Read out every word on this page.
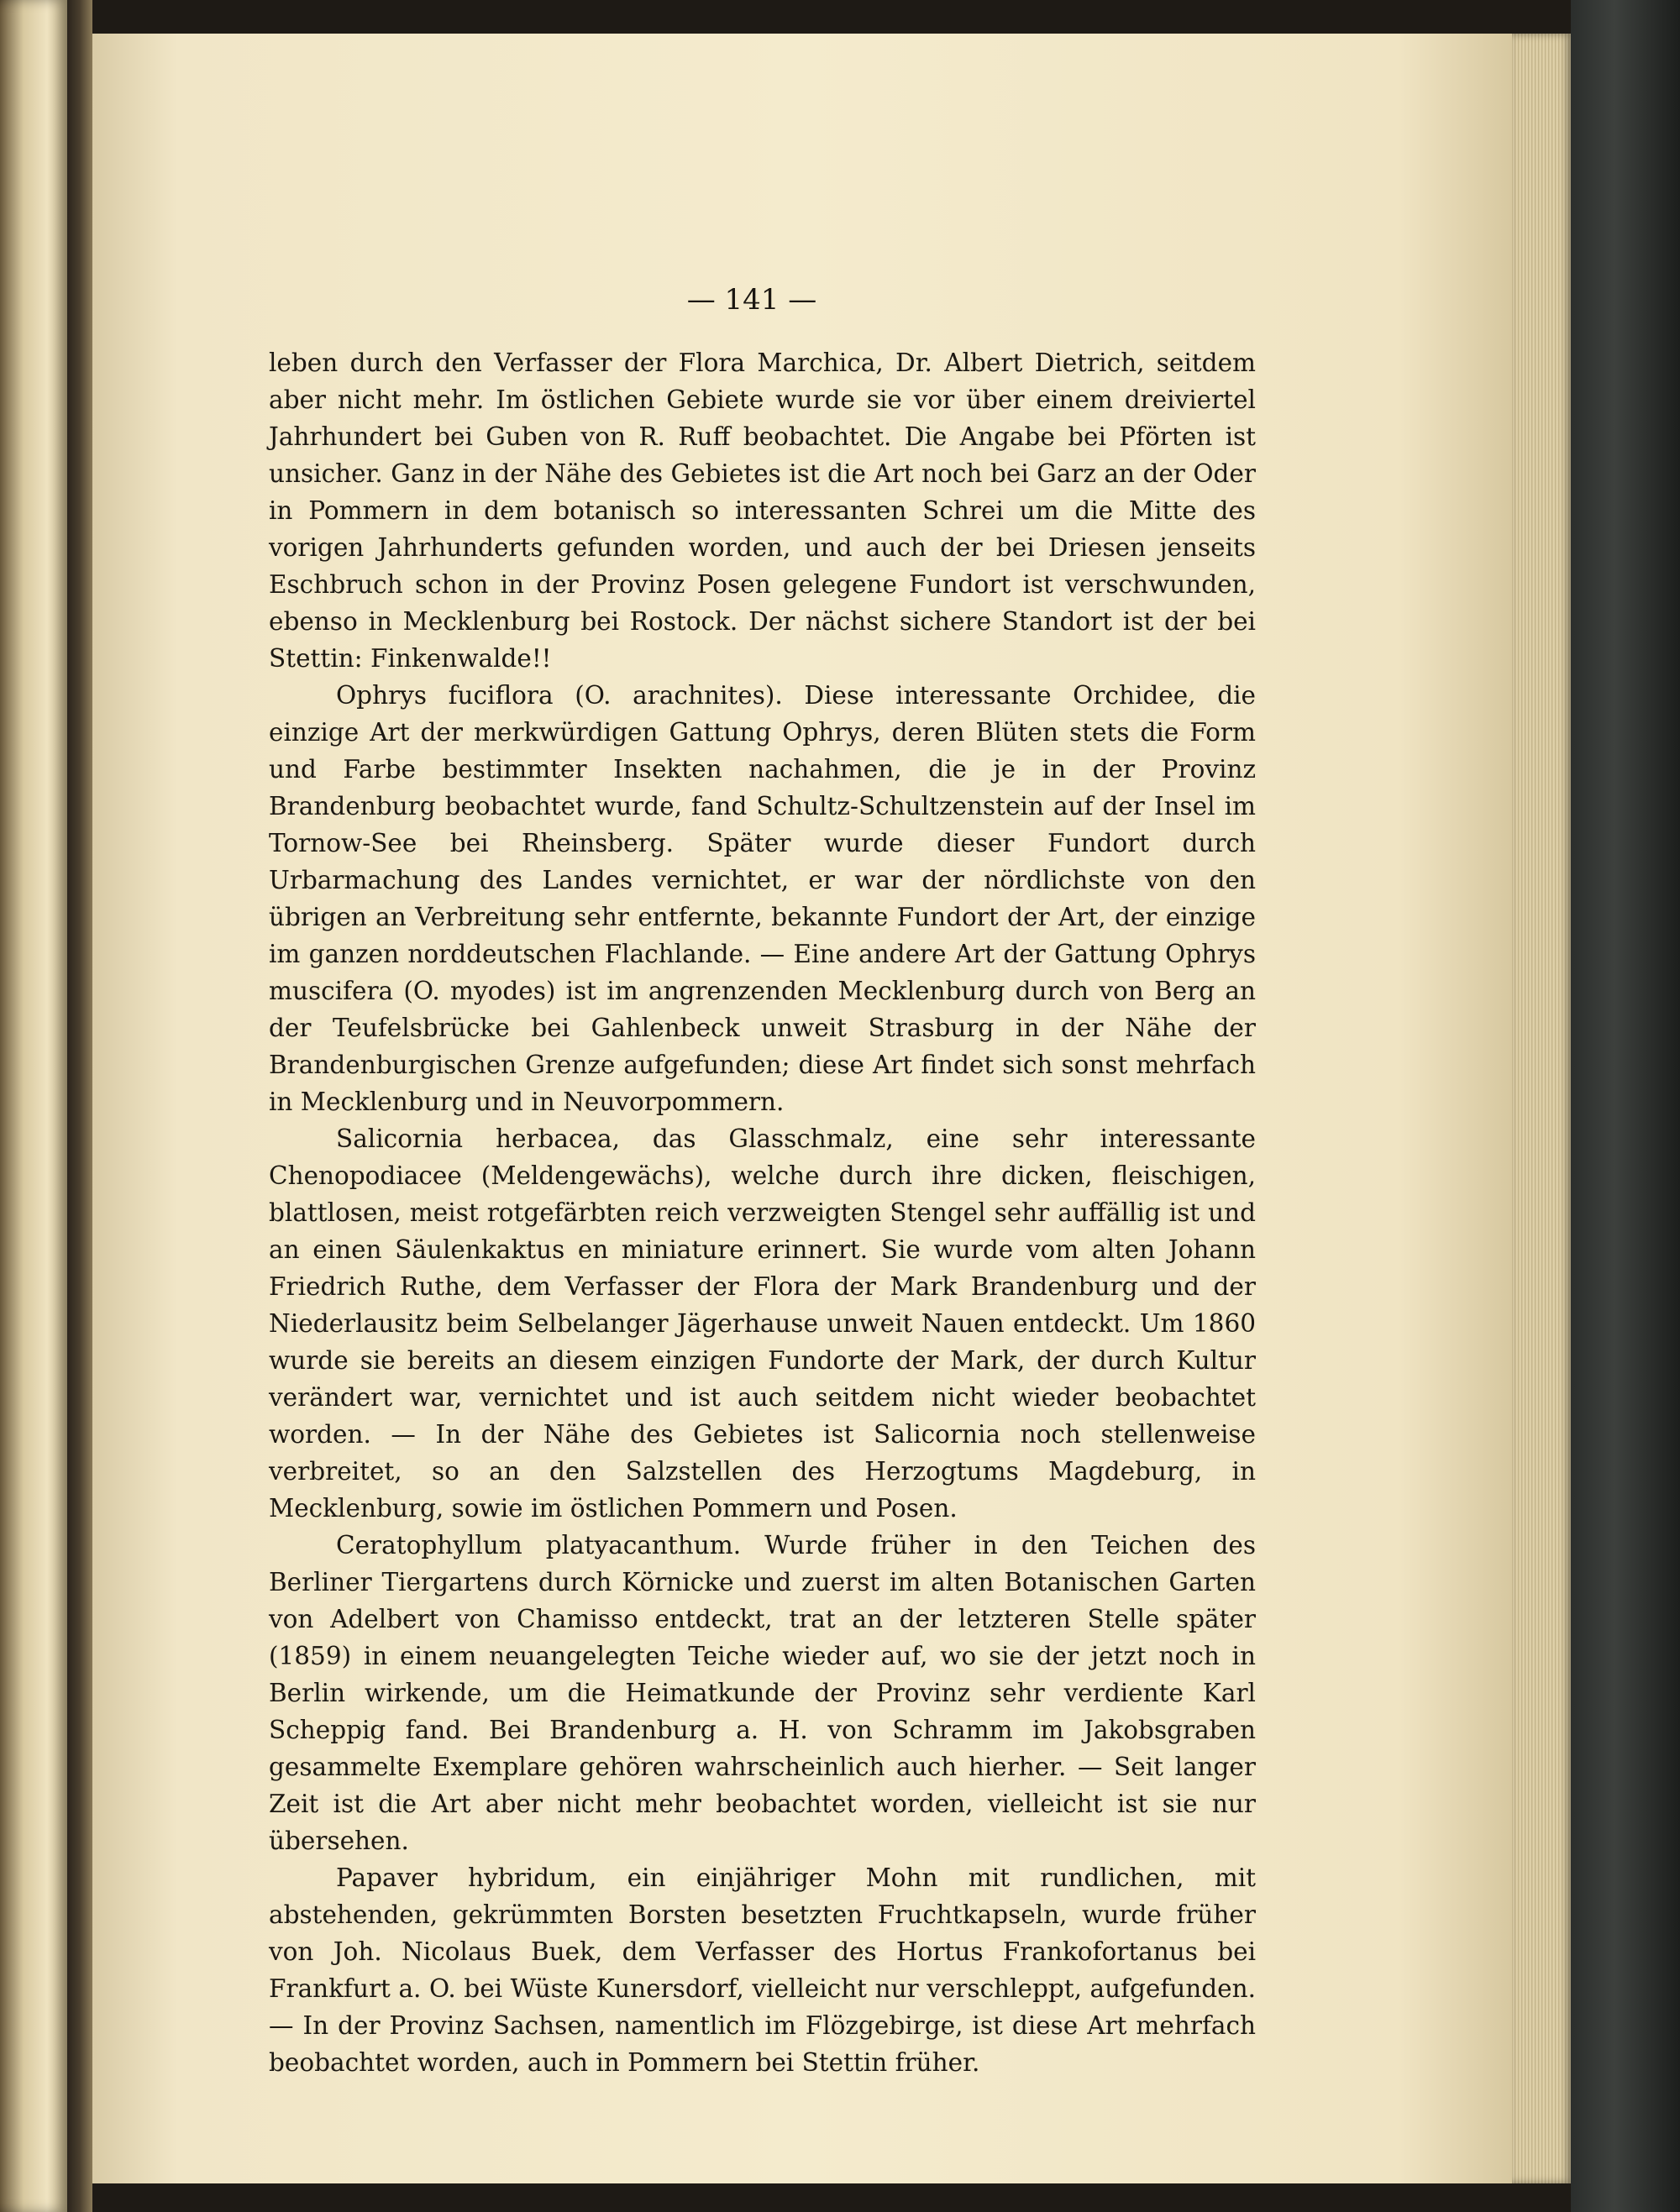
— 141 —

leben durch den Verfasser der Flora Marchica, Dr. Albert Dietrich, seitdem aber nicht mehr. Im östlichen Gebiete wurde sie vor über einem dreiviertel Jahrhundert bei Guben von R. Ruff beobachtet. Die Angabe bei Pförten ist unsicher. Ganz in der Nähe des Gebietes ist die Art noch bei Garz an der Oder in Pommern in dem botanisch so interessanten Schrei um die Mitte des vorigen Jahrhunderts gefunden worden, und auch der bei Driesen jenseits Eschbruch schon in der Provinz Posen gelegene Fundort ist verschwunden, ebenso in Mecklenburg bei Rostock. Der nächst sichere Standort ist der bei Stettin: Finkenwalde!!

Ophrys fuciflora (O. arachnites). Diese interessante Orchidee, die einzige Art der merkwürdigen Gattung Ophrys, deren Blüten stets die Form und Farbe bestimmter Insekten nachahmen, die je in der Provinz Brandenburg beobachtet wurde, fand Schultz-Schultzenstein auf der Insel im Tornow-See bei Rheinsberg. Später wurde dieser Fundort durch Urbarmachung des Landes vernichtet, er war der nördlichste von den übrigen an Verbreitung sehr entfernte, bekannte Fundort der Art, der einzige im ganzen norddeutschen Flachlande. — Eine andere Art der Gattung Ophrys muscifera (O. myodes) ist im angrenzenden Mecklenburg durch von Berg an der Teufelsbrücke bei Gahlenbeck unweit Strasburg in der Nähe der Brandenburgischen Grenze aufgefunden; diese Art findet sich sonst mehrfach in Mecklenburg und in Neuvorpommern.

Salicornia herbacea, das Glasschmalz, eine sehr interessante Chenopodiacee (Meldengewächs), welche durch ihre dicken, fleischigen, blattlosen, meist rotgefärbten reich verzweigten Stengel sehr auffällig ist und an einen Säulenkaktus en miniature erinnert. Sie wurde vom alten Johann Friedrich Ruthe, dem Verfasser der Flora der Mark Brandenburg und der Niederlausitz beim Selbelanger Jägerhause unweit Nauen entdeckt. Um 1860 wurde sie bereits an diesem einzigen Fundorte der Mark, der durch Kultur verändert war, vernichtet und ist auch seitdem nicht wieder beobachtet worden. — In der Nähe des Gebietes ist Salicornia noch stellenweise verbreitet, so an den Salzstellen des Herzogtums Magdeburg, in Mecklenburg, sowie im östlichen Pommern und Posen.

Ceratophyllum platyacanthum. Wurde früher in den Teichen des Berliner Tiergartens durch Körnicke und zuerst im alten Botanischen Garten von Adelbert von Chamisso entdeckt, trat an der letzteren Stelle später (1859) in einem neuangelegten Teiche wieder auf, wo sie der jetzt noch in Berlin wirkende, um die Heimatkunde der Provinz sehr verdiente Karl Scheppig fand. Bei Brandenburg a. H. von Schramm im Jakobsgraben gesammelte Exemplare gehören wahrscheinlich auch hierher. — Seit langer Zeit ist die Art aber nicht mehr beobachtet worden, vielleicht ist sie nur übersehen.

Papaver hybridum, ein einjähriger Mohn mit rundlichen, mit abstehenden, gekrümmten Borsten besetzten Fruchtkapseln, wurde früher von Joh. Nicolaus Buek, dem Verfasser des Hortus Frankofortanus bei Frankfurt a. O. bei Wüste Kunersdorf, vielleicht nur verschleppt, aufgefunden. — In der Provinz Sachsen, namentlich im Flözgebirge, ist diese Art mehrfach beobachtet worden, auch in Pommern bei Stettin früher.
